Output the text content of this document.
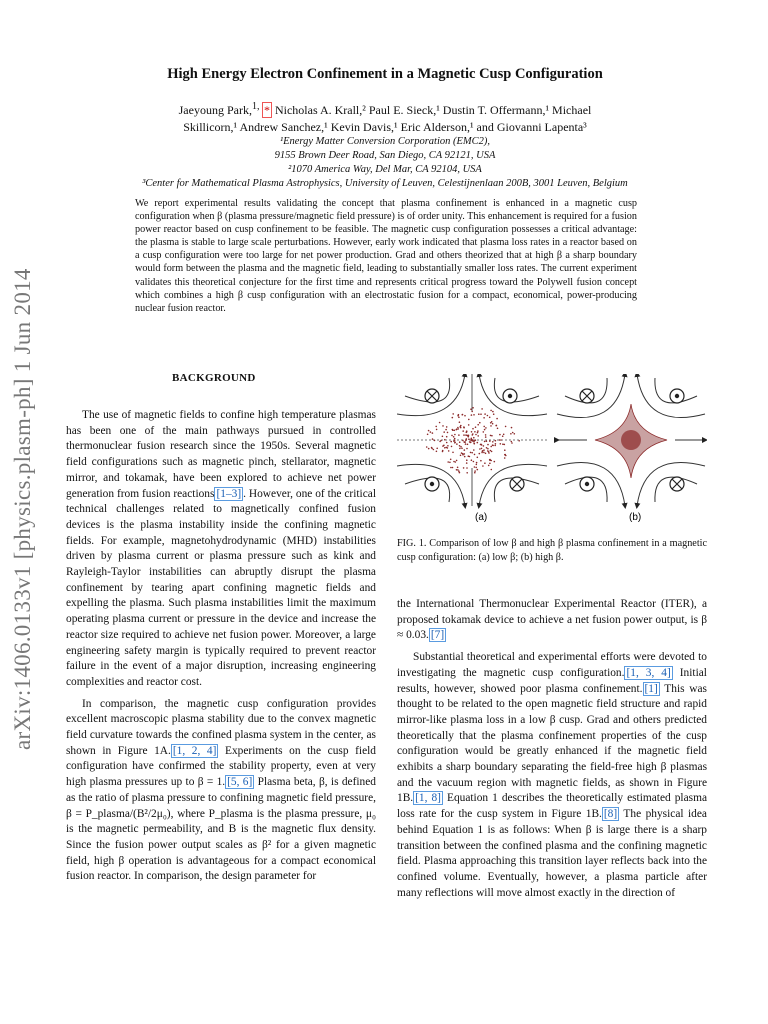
arXiv:1406.0133v1 [physics.plasm-ph] 1 Jun 2014
High Energy Electron Confinement in a Magnetic Cusp Configuration
Jaeyoung Park,$^{1,}$ * Nicholas A. Krall,² Paul E. Sieck,¹ Dustin T. Offermann,¹ Michael
Skillicorn,¹ Andrew Sanchez,¹ Kevin Davis,¹ Eric Alderson,¹ and Giovanni Lapenta³
¹Energy Matter Conversion Corporation (EMC2),
9155 Brown Deer Road, San Diego, CA 92121, USA
²1070 America Way, Del Mar, CA 92104, USA
³Center for Mathematical Plasma Astrophysics, University of Leuven, Celestijnenlaan 200B, 3001 Leuven, Belgium
We report experimental results validating the concept that plasma confinement is enhanced in a magnetic cusp configuration when β (plasma pressure/magnetic field pressure) is of order unity. This enhancement is required for a fusion power reactor based on cusp confinement to be feasible. The magnetic cusp configuration possesses a critical advantage: the plasma is stable to large scale perturbations. However, early work indicated that plasma loss rates in a reactor based on a cusp configuration were too large for net power production. Grad and others theorized that at high β a sharp boundary would form between the plasma and the magnetic field, leading to substantially smaller loss rates. The current experiment validates this theoretical conjecture for the first time and represents critical progress toward the Polywell fusion concept which combines a high β cusp configuration with an electrostatic fusion for a compact, economical, power-producing nuclear fusion reactor.
BACKGROUND

The use of magnetic fields to confine high temperature plasmas has been one of the main pathways pursued in controlled thermonuclear fusion research since the 1950s. Several magnetic field configurations such as magnetic pinch, stellarator, magnetic mirror, and tokamak, have been explored to achieve net power generation from fusion reactions [1–3] . However, one of the critical technical challenges related to magnetically confined fusion devices is the plasma instability inside the confining magnetic fields. For example, magnetohydrodynamic (MHD) instabilities driven by plasma current or plasma pressure such as kink and Rayleigh-Taylor instabilities can abruptly disrupt the plasma confinement by tearing apart confining magnetic fields and expelling the plasma. Such plasma instabilities limit the maximum operating plasma current or pressure in the device and increase the reactor size required to achieve net fusion power. Moreover, a large engineering safety margin is typically required to prevent reactor failure in the event of a major disruption, increasing engineering complexities and reactor cost.

In comparison, the magnetic cusp configuration provides excellent macroscopic plasma stability due to the convex magnetic field curvature towards the confined plasma system in the center, as shown in Figure 1A. [1, 2, 4] Experiments on the cusp field configuration have confirmed the stability property, even at very high plasma pressures up to β = 1. [5, 6] Plasma beta, β, is defined as the ratio of plasma pressure to confining magnetic field pressure, β = P_plasma/(B²/2μ₀), where P_plasma is the plasma pressure, μ₀ is the magnetic permeability, and B is the magnetic flux density. Since the fusion power output scales as β² for a given magnetic field, high β operation is advantageous for a compact economical fusion reactor. In comparison, the design parameter for

(a)	(b)
FIG. 1. Comparison of low β and high β plasma confinement in a magnetic cusp configuration: (a) low β; (b) high β.

the International Thermonuclear Experimental Reactor (ITER), a proposed tokamak device to achieve a net fusion power output, is β ≈ 0.03. [7]

Substantial theoretical and experimental efforts were devoted to investigating the magnetic cusp configuration. [1, 3, 4] Initial results, however, showed poor plasma confinement. [1] This was thought to be related to the open magnetic field structure and rapid mirror-like plasma loss in a low β cusp. Grad and others predicted theoretically that the plasma confinement properties of the cusp configuration would be greatly enhanced if the magnetic field exhibits a sharp boundary separating the field-free high β plasmas and the vacuum region with magnetic fields, as shown in Figure 1B. [1, 8] Equation 1 describes the theoretically estimated plasma loss rate for the cusp system in Figure 1B. [8] The physical idea behind Equation 1 is as follows: When β is large there is a sharp transition between the confined plasma and the confining magnetic field. Plasma approaching this transition layer reflects back into the confined volume. Eventually, however, a plasma particle after many reflections will move almost exactly in the direction of
